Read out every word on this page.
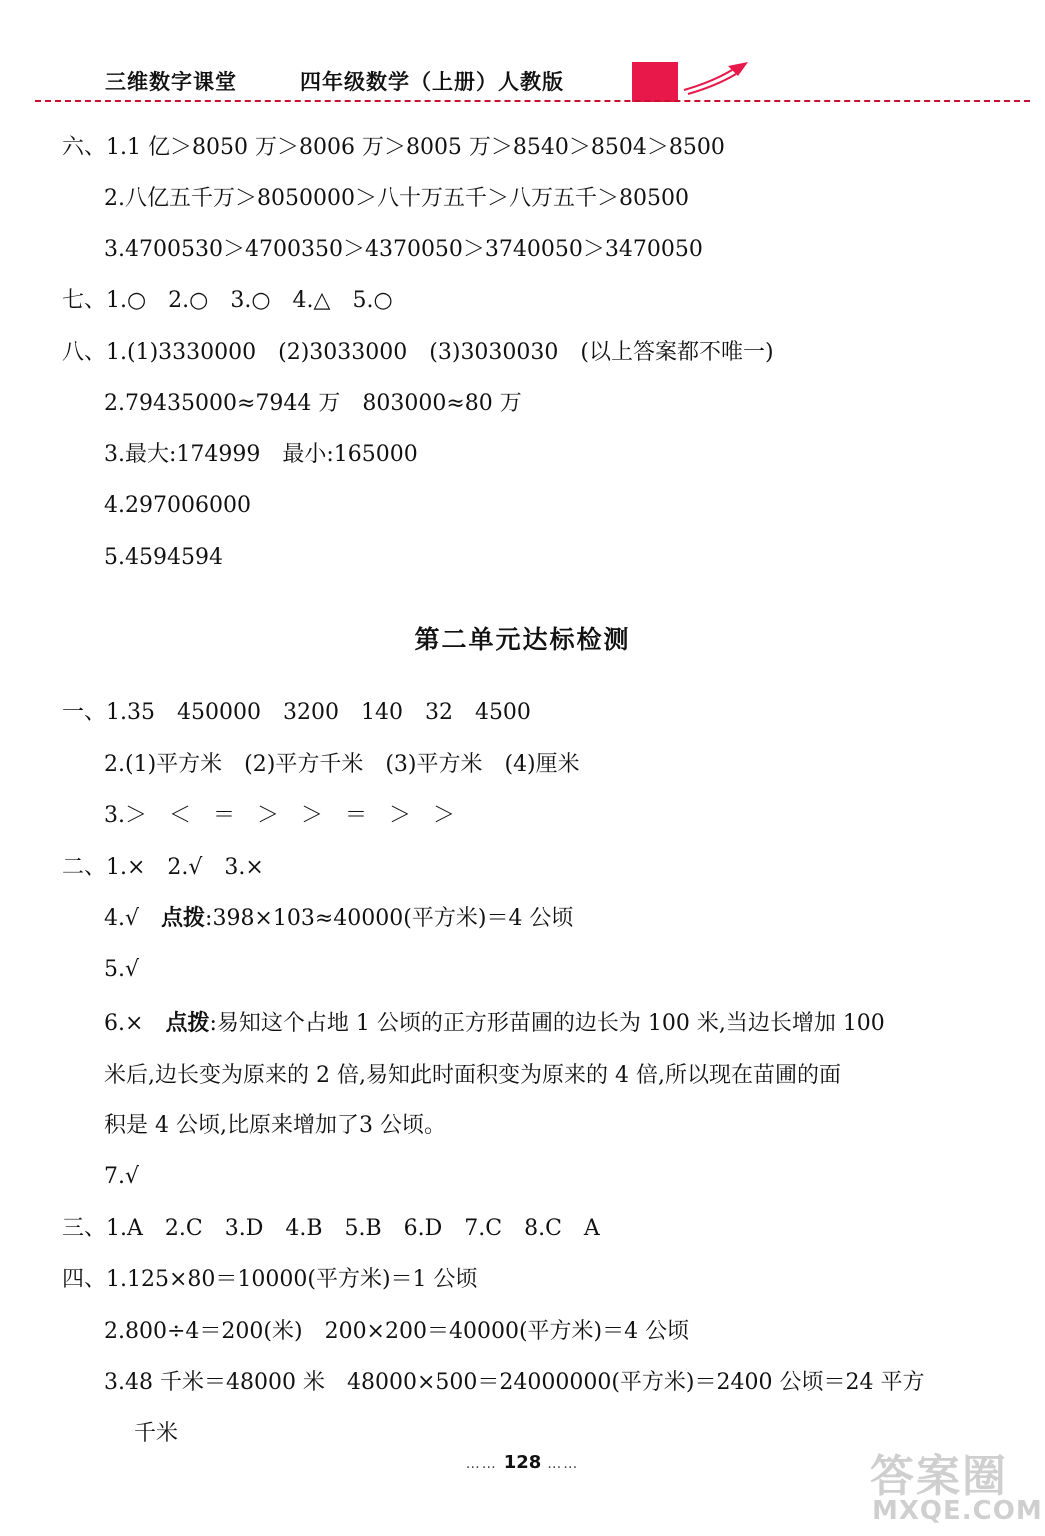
三维数字课堂	四年级数学（上册）人教版
六、1.1 亿＞8050 万＞8006 万＞8005 万＞8540＞8504＞8500
2.八亿五千万＞8050000＞八十万五千＞八万五千＞80500
3.4700530＞4700350＞4370050＞3740050＞3470050
七、1.○　2.○　3.○　4.△　5.○
八、1.(1)3330000　(2)3033000　(3)3030030　(以上答案都不唯一)
2.79435000≈7944 万　803000≈80 万
3.最大:174999　最小:165000
4.297006000
5.4594594
第二单元达标检测
一、1.35　450000　3200　140　32　4500
2.(1)平方米　(2)平方千米　(3)平方米　(4)厘米
3.＞　＜　＝　＞　＞　＝　＞　＞
二、1.×　2.√　3.×
4.√　点拨:398×103≈40000(平方米)＝4 公顷
5.√
6.×　点拨:易知这个占地 1 公顷的正方形苗圃的边长为 100 米,当边长增加 100
米后,边长变为原来的 2 倍,易知此时面积变为原来的 4 倍,所以现在苗圃的面
积是 4 公顷,比原来增加了3 公顷。
7.√
三、1.A　2.C　3.D　4.B　5.B　6.D　7.C　8.C　A
四、1.125×80＝10000(平方米)＝1 公顷
2.800÷4＝200(米)　200×200＝40000(平方米)＝4 公顷
3.48 千米＝48000 米　48000×500＝24000000(平方米)＝2400 公顷＝24 平方
千米
…… 128 ……	答案圈
MXQE.COM
